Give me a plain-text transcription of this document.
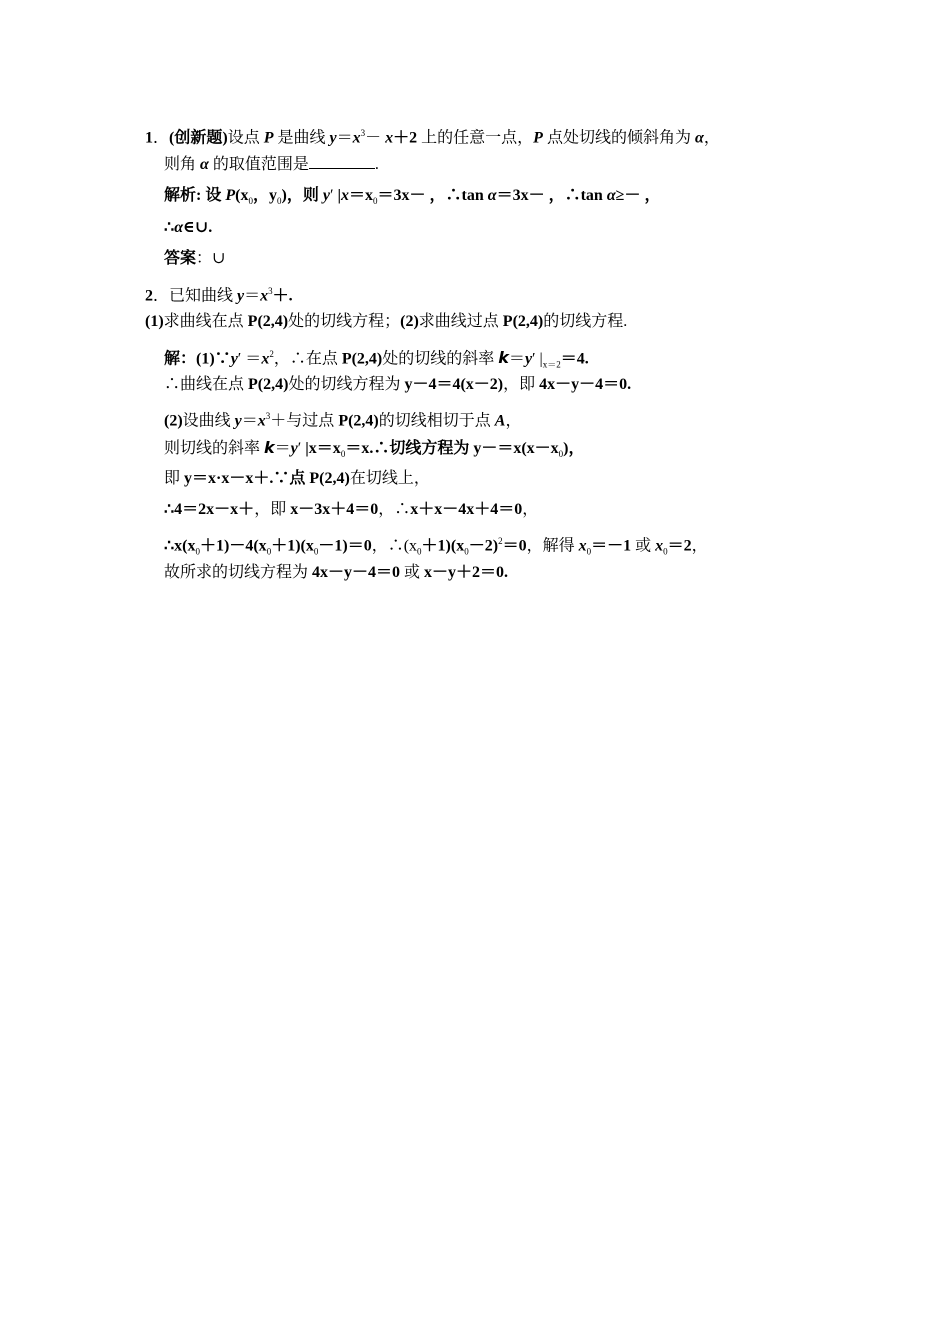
1．(创新题)设点 P 是曲线 $y=x^3- x+2$ 上的任意一点，P 点处切线的倾斜角为 α，
则角 α 的取值范围是	.
解析: 设 $P(x_0$，$y_0$)，则 y′ $|x=x_0=3x-$ ，∴tan α＝3x－ ，∴tan α≥－ ，
∴α∈∪.
答案：∪
2．已知曲线 $y=x^3+$.
(1)求曲线在点 P(2,4)处的切线方程；(2)求曲线过点 P(2,4)的切线方程.
解：(1)∵y′ $=x^2$，∴在点 P(2,4)处的切线的斜率 k＝y′ $|_{x=2}=4$.
∴曲线在点 P(2,4)处的切线方程为 y－4＝4(x－2)，即 4x－y－4＝0.
(2)设曲线 $y=x^3+$与过点 P(2,4)的切线相切于点 A，
则切线的斜率 k＝y′ $|x=x_0=x.\therefore$切线方程为 $y-=x(x-x_0)$，
即 y＝x·x－x＋.∵点 P(2,4)在切线上，
∴4＝2x－x＋，即 x－3x＋4＝0，∴x＋x－4x＋4＝0，
$\therefore x(x_0+1)-4(x_0+1)(x_0-1)=0$，$\therefore(x_0+1)(x_0-2)^2=0$，解得 $x_0=-1$ 或 $x_0=2$，
故所求的切线方程为 4x－y－4＝0 或 x－y＋2＝0.
